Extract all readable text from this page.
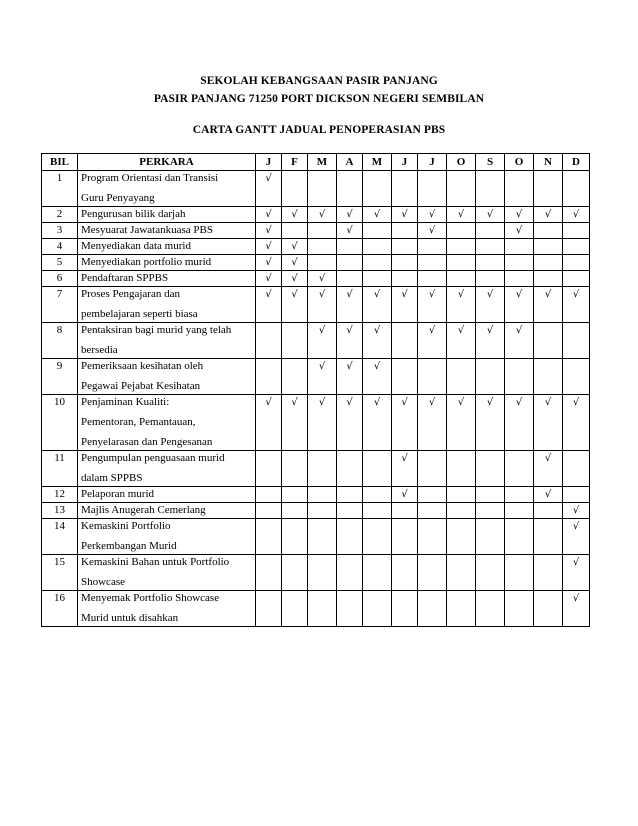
SEKOLAH KEBANGSAAN PASIR PANJANG
PASIR PANJANG 71250 PORT DICKSON NEGERI SEMBILAN
CARTA GANTT JADUAL PENOPERASIAN PBS
BIL	PERKARA	J	F	M	A	M	J	J	O	S	O	N	D
1	Program Orientasi dan Transisi
Guru Penyayang	√											
2	Pengurusan bilik darjah	√	√	√	√	√	√	√	√	√	√	√	√
3	Mesyuarat Jawatankuasa PBS	√			√			√			√		
4	Menyediakan data murid	√	√										
5	Menyediakan portfolio murid	√	√										
6	Pendaftaran SPPBS	√	√	√									
7	Proses Pengajaran dan
pembelajaran seperti biasa	√	√	√	√	√	√	√	√	√	√	√	√
8	Pentaksiran bagi murid yang telah
bersedia			√	√	√		√	√	√	√		
9	Pemeriksaan kesihatan oleh
Pegawai Pejabat Kesihatan			√	√	√							
10	Penjaminan Kualiti:
Pementoran, Pemantauan,
Penyelarasan dan Pengesanan	√	√	√	√	√	√	√	√	√	√	√	√
11	Pengumpulan penguasaan murid
dalam SPPBS						√					√	
12	Pelaporan murid						√					√	
13	Majlis Anugerah Cemerlang												√
14	Kemaskini Portfolio
Perkembangan Murid												√
15	Kemaskini Bahan untuk Portfolio
Showcase												√
16	Menyemak Portfolio Showcase
Murid untuk disahkan												√
